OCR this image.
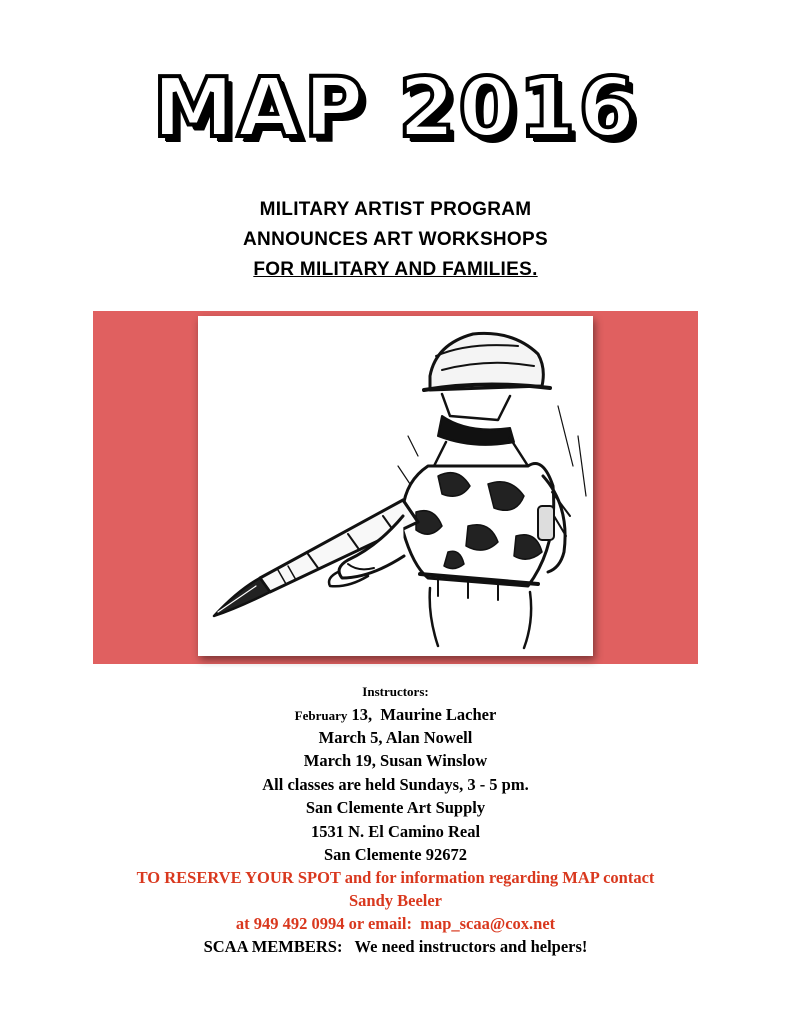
MAP 2016
MILITARY ARTIST PROGRAM
ANNOUNCES ART WORKSHOPS
FOR MILITARY AND FAMILIES.
Instructors:
February 13,  Maurine Lacher
March 5, Alan Nowell
March 19, Susan Winslow
All classes are held Sundays, 3 - 5 pm.
San Clemente Art Supply
1531 N. El Camino Real
San Clemente 92672
TO RESERVE YOUR SPOT and for information regarding MAP contact
Sandy Beeler
at 949 492 0994 or email:  map_scaa@cox.net
SCAA MEMBERS:   We need instructors and helpers!
